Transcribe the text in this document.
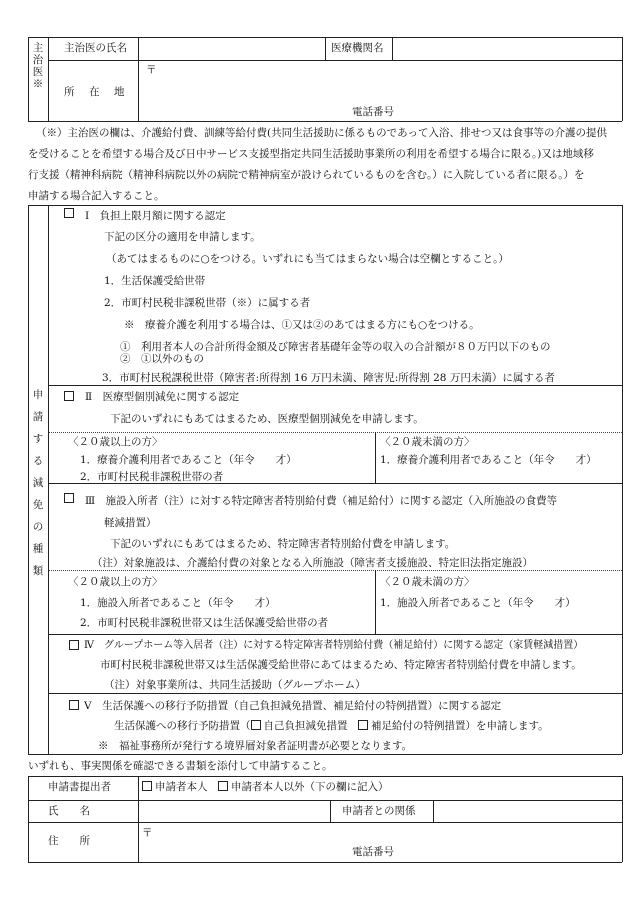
主治医※
主治医の氏名	医療機関名
所　在　地
〒
電話番号
（※）主治医の欄は、介護給付費、訓練等給付費(共同生活援助に係るものであって入浴、排せつ又は食事等の介護の提供
を受けることを希望する場合及び日中サービス支援型指定共同生活援助事業所の利用を希望する場合に限る。)又は地域移
行支援（精神科病院（精神科病院以外の病院で精神病室が設けられているものを含む。）に入院している者に限る。）を
申請する場合記入すること。
申請する減免の種類
Ⅰ　負担上限月額に関する認定
下記の区分の適用を申請します。
（あてはまるものに○をつける。いずれにも当てはまらない場合は空欄とすること。）
1．生活保護受給世帯
2．市町村民税非課税世帯（※）に属する者
※　療養介護を利用する場合は、①又は②のあてはまる方にも○をつける。
①　利用者本人の合計所得金額及び障害者基礎年金等の収入の合計額が８０万円以下のもの
②　①以外のもの
3．市町村民税課税世帯（障害者:所得割 16 万円未満、障害児:所得割 28 万円未満）に属する者
Ⅱ　医療型個別減免に関する認定
下記のいずれにもあてはまるため、医療型個別減免を申請します。
〈２０歳以上の方〉
1．療養介護利用者であること（年令　　才）
2．市町村民税非課税世帯の者
〈２０歳未満の方〉
1．療養介護利用者であること（年令　　才）
Ⅲ　施設入所者（注）に対する特定障害者特別給付費（補足給付）に関する認定（入所施設の食費等
軽減措置）
下記のいずれにもあてはまるため、特定障害者特別給付費を申請します。
（注）対象施設は、介護給付費の対象となる入所施設（障害者支援施設、特定旧法指定施設）
〈２０歳以上の方〉
1．施設入所者であること（年令　　才）
2．市町村民税非課税世帯又は生活保護受給世帯の者
〈２０歳未満の方〉
1．施設入所者であること（年令　　才）
Ⅳ　グループホーム等入居者（注）に対する特定障害者特別給付費（補足給付）に関する認定（家賃軽減措置）
市町村民税非課税世帯又は生活保護受給世帯にあてはまるため、特定障害者特別給付費を申請します。
（注）対象事業所は、共同生活援助（グループホーム）
Ⅴ　生活保護への移行予防措置（自己負担減免措置、補足給付の特例措置）に関する認定
生活保護への移行予防措置（ 自己負担減免措置　 補足給付の特例措置）を申請します。
※　福祉事務所が発行する境界層対象者証明書が必要となります。
いずれも、事実関係を確認できる書類を添付して申請すること。
申請書提出者	申請者本人　 申請者本人以外（下の欄に記入）
氏　　名	申請者との関係
住　　所
〒
電話番号
